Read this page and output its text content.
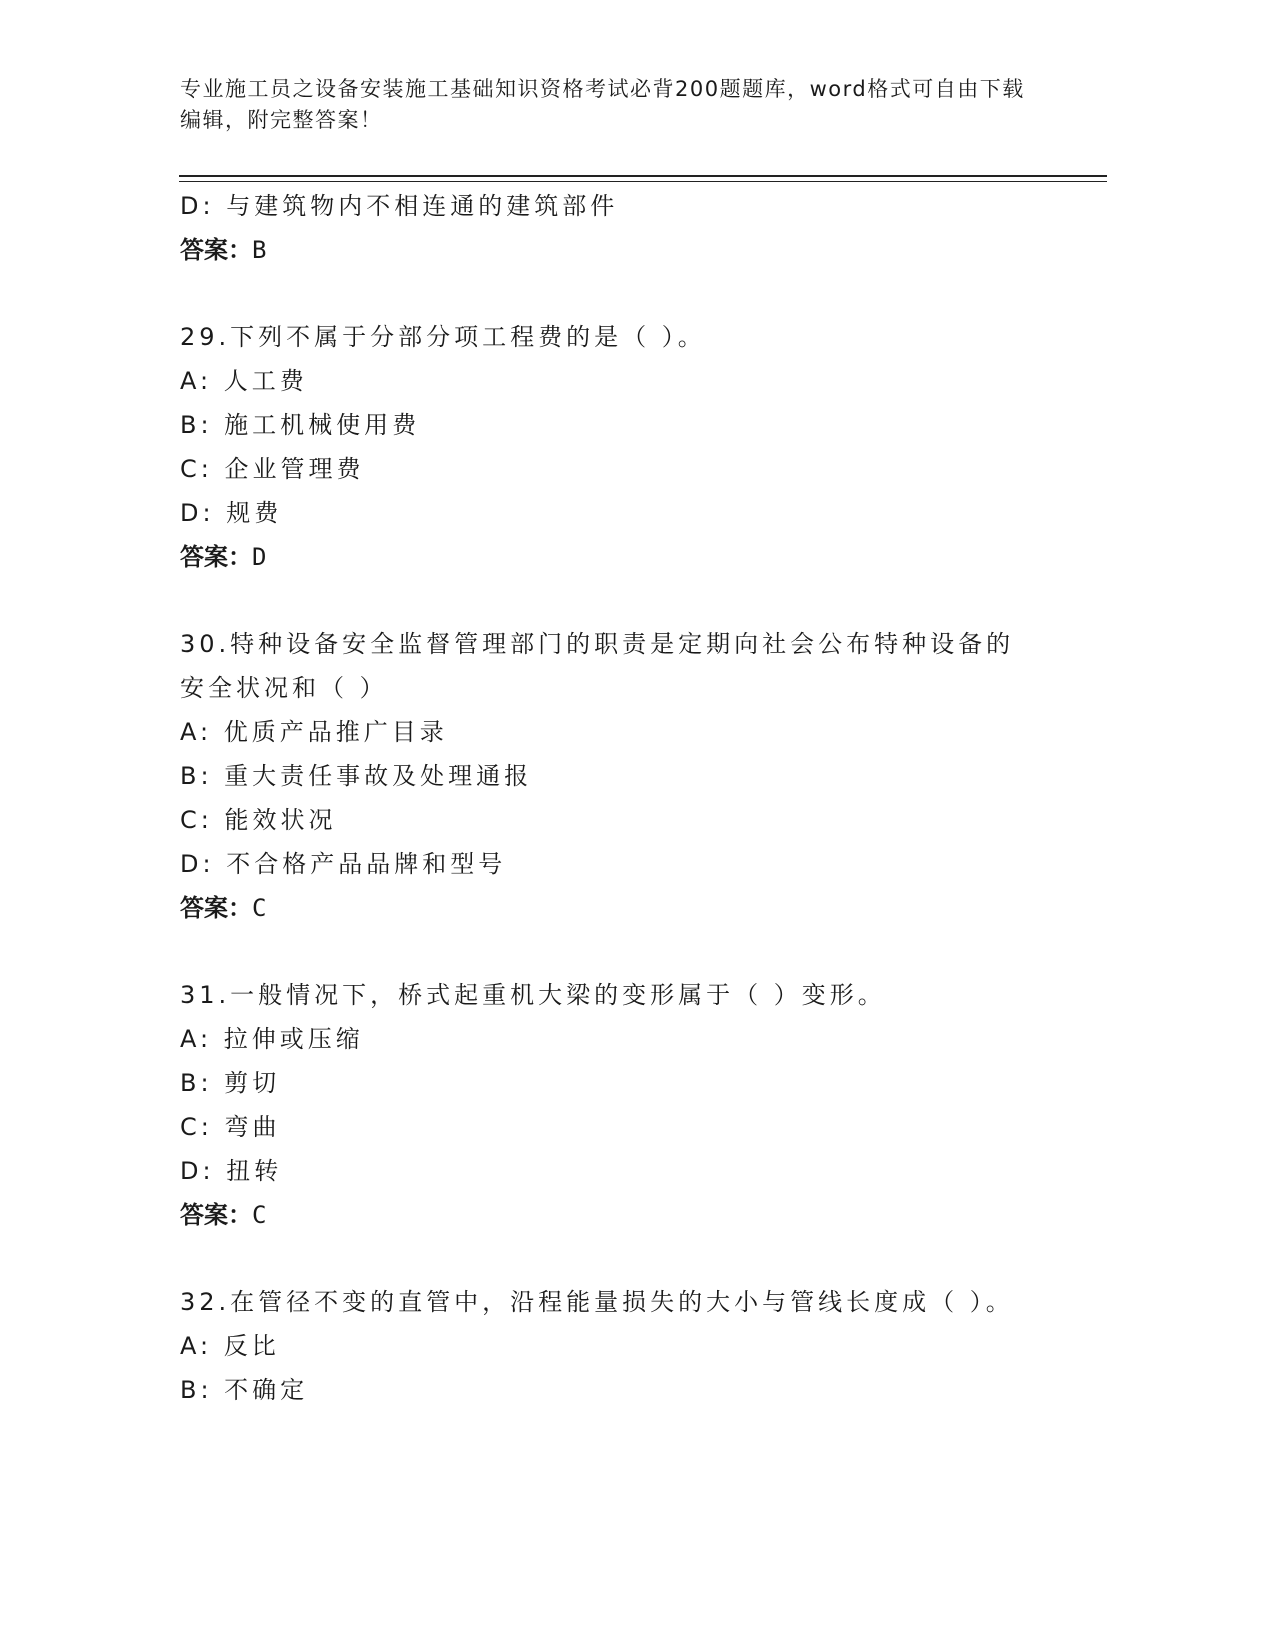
专业施工员之设备安装施工基础知识资格考试必背200题题库，word格式可自由下载编辑，附完整答案！
D: 与建筑物内不相连通的建筑部件
答案：B
29.下列不属于分部分项工程费的是（ ）。
A: 人工费
B: 施工机械使用费
C: 企业管理费
D: 规费
答案：D
30.特种设备安全监督管理部门的职责是定期向社会公布特种设备的安全状况和（ ）
A: 优质产品推广目录
B: 重大责任事故及处理通报
C: 能效状况
D: 不合格产品品牌和型号
答案：C
31.一般情况下，桥式起重机大梁的变形属于（ ）变形。
A: 拉伸或压缩
B: 剪切
C: 弯曲
D: 扭转
答案：C
32.在管径不变的直管中，沿程能量损失的大小与管线长度成（ ）。
A: 反比
B: 不确定
